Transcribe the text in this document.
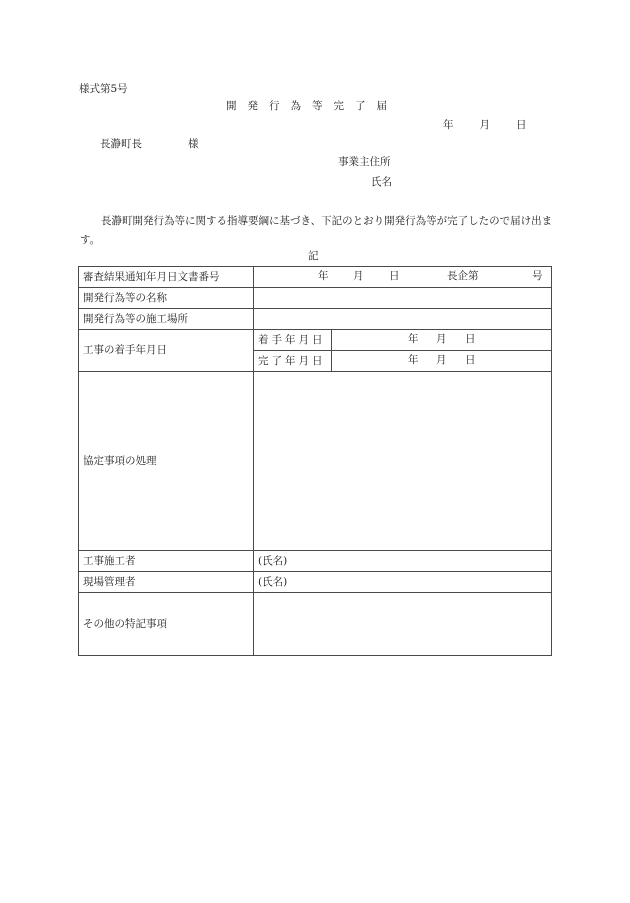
様式第5号
開発行為等完了届
年 月 日
長瀞町長	様
事業主住所
氏名
長瀞町開発行為等に関する指導要綱に基づき、下記のとおり開発行為等が完了したので届け出ます。
記
審査結果通知年月日文書番号	年 月 日 長企第 号	

開発行為等の名称		
開発行為等の施工場所		
工事の着手年月日	着手年月日	年 月 日

	完了年月日	年 月 日

協定事項の処理		
工事施工者	(氏名)	
現場管理者	(氏名)	
その他の特記事項		
